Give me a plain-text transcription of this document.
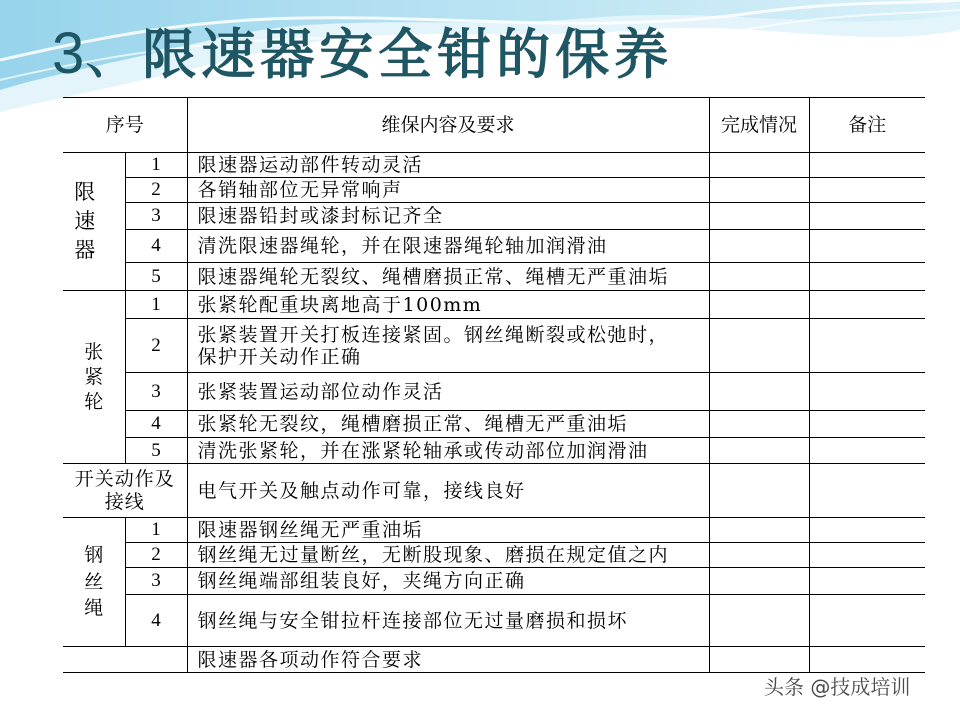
3、限速器安全钳的保养
序号		维保内容及要求	完成情况	备注
限速器	1	限速器运动部件转动灵活		
	2	各销轴部位无异常响声		
	3	限速器铅封或漆封标记齐全		
	4	清洗限速器绳轮，并在限速器绳轮轴加润滑油		
	5	限速器绳轮无裂纹、绳槽磨损正常、绳槽无严重油垢		
张紧轮	1	张紧轮配重块离地高于100mm		
	2	张紧装置开关打板连接紧固。钢丝绳断裂或松弛时，
保护开关动作正确		

	3	张紧装置运动部位动作灵活		
	4	张紧轮无裂纹，绳槽磨损正常、绳槽无严重油垢		
	5	清洗张紧轮，并在涨紧轮轴承或传动部位加润滑油		

开关动作及
接线		电气开关及触点动作可靠，接线良好		
钢丝绳	1	限速器钢丝绳无严重油垢		
	2	钢丝绳无过量断丝，无断股现象、磨损在规定值之内		
	3	钢丝绳端部组装良好，夹绳方向正确		
	4	钢丝绳与安全钳拉杆连接部位无过量磨损和损坏		
		限速器各项动作符合要求		
头条 @技成培训
